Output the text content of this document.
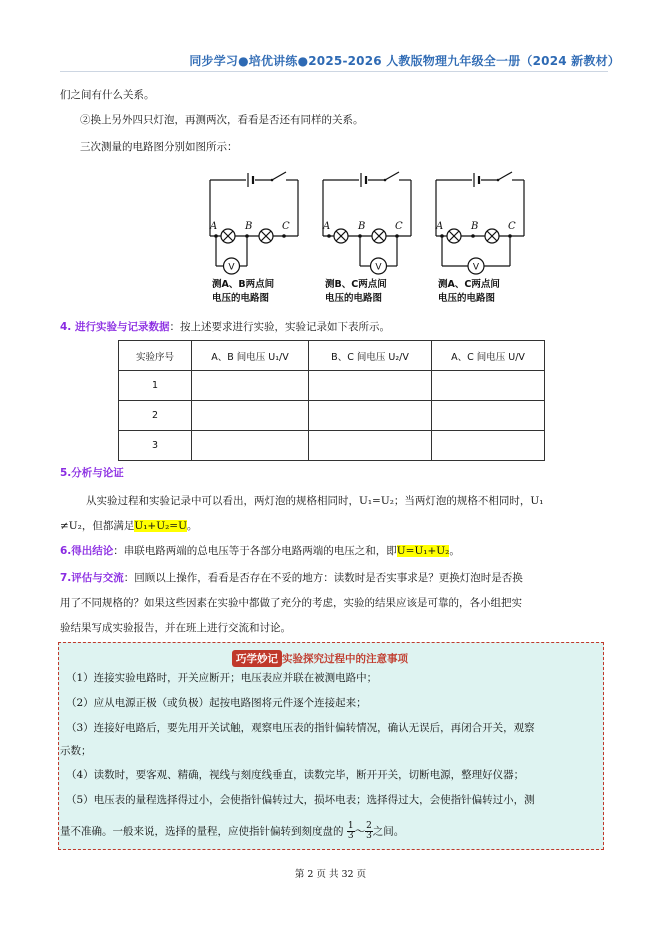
同步学习●培优讲练●2025-2026 人教版物理九年级全一册（2024 新教材）
们之间有什么关系。
②换上另外四只灯泡，再测两次，看看是否还有同样的关系。
三次测量的电路图分别如图所示：
A	B	C
V
测A、B两点间
电压的电路图
A	B	C
V
测B、C两点间
电压的电路图
A	B	C
V
测A、C两点间
电压的电路图
4. 进行实验与记录数据：按上述要求进行实验，实验记录如下表所示。
实验序号	A、B 间电压 U₁/V	B、C 间电压 U₂/V	A、C 间电压 U/V
1			
2			
3			
5.分析与论证
从实验过程和实验记录中可以看出，两灯泡的规格相同时，U₁=U₂；当两灯泡的规格不相同时，U₁
≠U₂，但都满足U₁+U₂=U。
6.得出结论：串联电路两端的总电压等于各部分电路两端的电压之和，即U=U₁+U₂。
7.评估与交流：回顾以上操作，看看是否存在不妥的地方：读数时是否实事求是？更换灯泡时是否换
用了不同规格的？如果这些因素在实验中都做了充分的考虑，实验的结果应该是可靠的，各小组把实
验结果写成实验报告，并在班上进行交流和讨论。
巧学妙记 实验探究过程中的注意事项
（1）连接实验电路时，开关应断开；电压表应并联在被测电路中；
（2）应从电源正极（或负极）起按电路图将元件逐个连接起来；
（3）连接好电路后，要先用开关试触，观察电压表的指针偏转情况，确认无误后，再闭合开关，观察
示数；
（4）读数时，要客观、精确，视线与刻度线垂直，读数完毕，断开开关，切断电源，整理好仪器；
（5）电压表的量程选择得过小，会使指针偏转过大，损坏电表；选择得过大，会使指针偏转过小，测
量不准确。一般来说，选择的量程，应使指针偏转到刻度盘的 $\frac{1}{3}$ ～ $\frac{2}{3}$ 之间。
第 2 页 共 32 页
